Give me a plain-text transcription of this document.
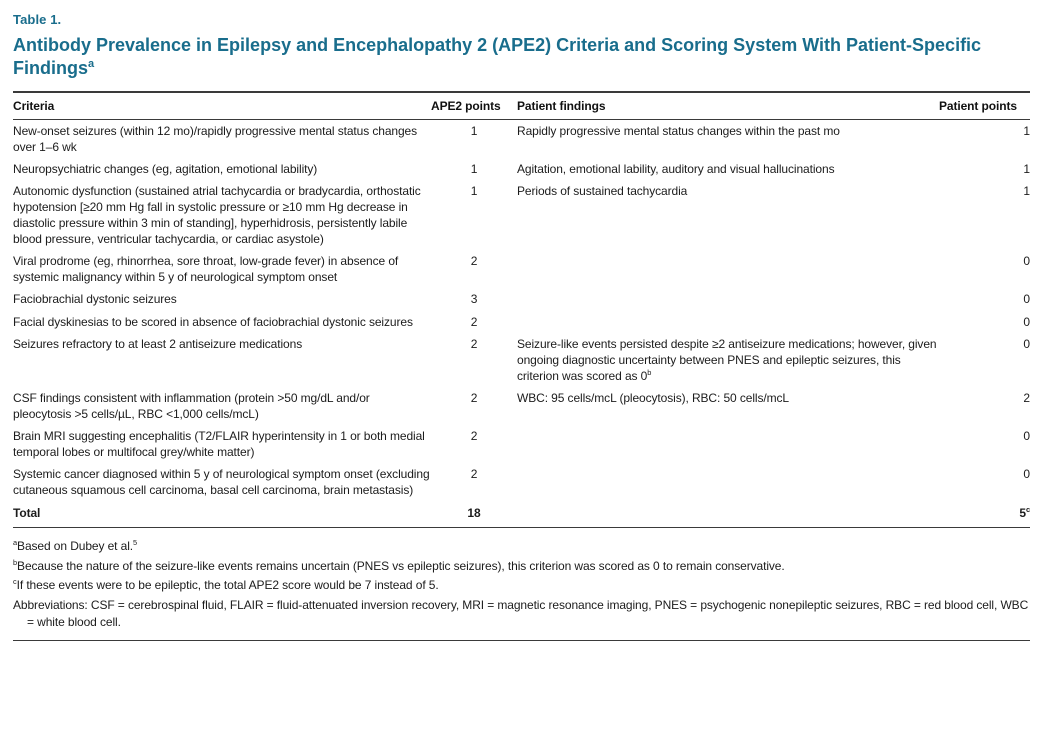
Table 1.
Antibody Prevalence in Epilepsy and Encephalopathy 2 (APE2) Criteria and Scoring System With Patient-Specific Findings$^a$
Criteria	APE2 points	Patient findings	Patient points
New-onset seizures (within 12 mo)/rapidly progressive mental status changes over 1–6 wk	1	Rapidly progressive mental status changes within the past mo	1
Neuropsychiatric changes (eg, agitation, emotional lability)	1	Agitation, emotional lability, auditory and visual hallucinations	1
Autonomic dysfunction (sustained atrial tachycardia or bradycardia, orthostatic hypotension [≥20 mm Hg fall in systolic pressure or ≥10 mm Hg decrease in diastolic pressure within 3 min of standing], hyperhidrosis, persistently labile blood pressure, ventricular tachycardia, or cardiac asystole)	1	Periods of sustained tachycardia	1
Viral prodrome (eg, rhinorrhea, sore throat, low-grade fever) in absence of systemic malignancy within 5 y of neurological symptom onset	2		0
Faciobrachial dystonic seizures	3		0
Facial dyskinesias to be scored in absence of faciobrachial dystonic seizures	2		0
Seizures refractory to at least 2 antiseizure medications	2	Seizure-like events persisted despite ≥2 antiseizure medications; however, given ongoing diagnostic uncertainty between PNES and epileptic seizures, this criterion was scored as 0$^b$	0
CSF findings consistent with inflammation (protein >50 mg/dL and/or pleocytosis >5 cells/µL, RBC <1,000 cells/mcL)	2	WBC: 95 cells/mcL (pleocytosis), RBC: 50 cells/mcL	2
Brain MRI suggesting encephalitis (T2/FLAIR hyperintensity in 1 or both medial temporal lobes or multifocal grey/white matter)	2		0
Systemic cancer diagnosed within 5 y of neurological symptom onset (excluding cutaneous squamous cell carcinoma, basal cell carcinoma, brain metastasis)	2		0
Total	18		5$^c$

$^a$Based on Dubey et al.$^5$

$^b$Because the nature of the seizure-like events remains uncertain (PNES vs epileptic seizures), this criterion was scored as 0 to remain conservative.

$^c$If these events were to be epileptic, the total APE2 score would be 7 instead of 5.

Abbreviations: CSF = cerebrospinal fluid, FLAIR = fluid-attenuated inversion recovery, MRI = magnetic resonance imaging, PNES = psychogenic nonepileptic seizures, RBC = red blood cell, WBC = white blood cell.
